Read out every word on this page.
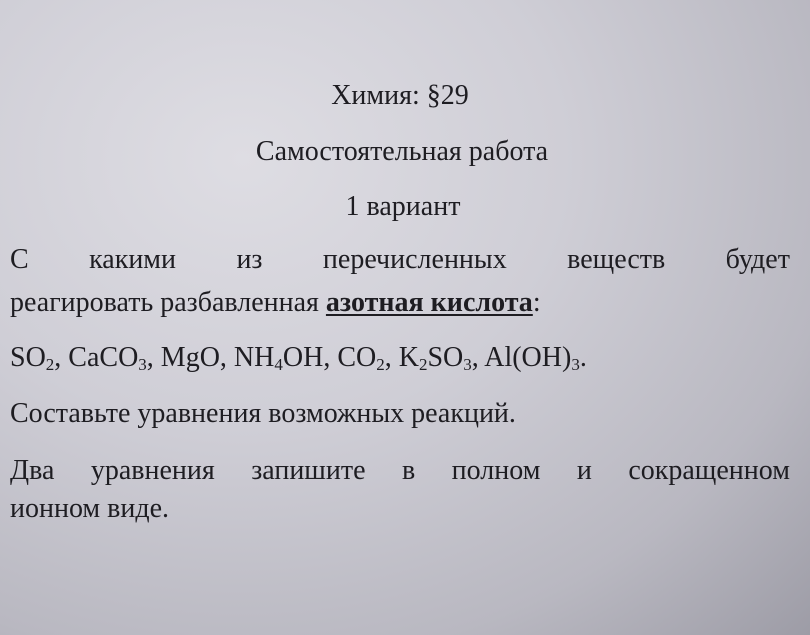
Химия: §29
Самостоятельная работа
1 вариант
С какими из перечисленных веществ будет
реагировать разбавленная азотная кислота:
$SO_2$, CaCO$_3$, MgO, $NH_4OH$, $CO_2$, $K_2SO_3$, $Al(OH)_3$.
Составьте уравнения возможных реакций.
Два уравнения запишите в полном и сокращенном
ионном виде.
